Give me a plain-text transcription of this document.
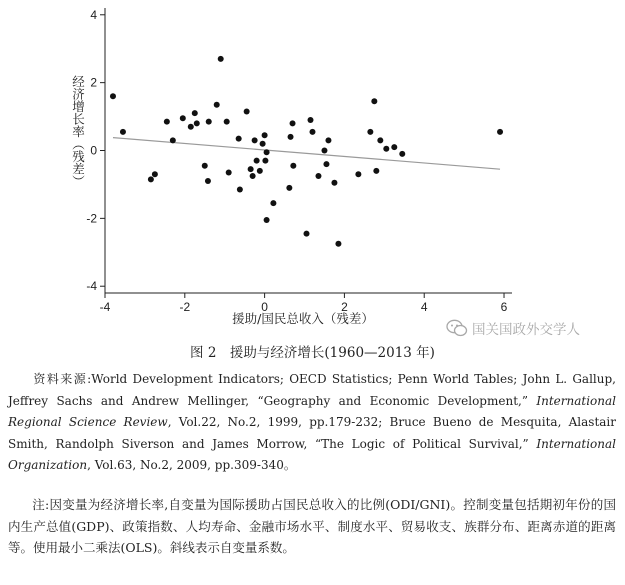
-4
-2
0
2
4
-4	-2	0	2	4	6
援助/国民总收入（残差）
经济增长率（残差）
国关国政外交学人
图 2　援助与经济增长(1960—2013 年)
资料来源:World Development Indicators; OECD Statistics; Penn World Tables; John L. Gallup, Jeffrey Sachs and Andrew Mellinger, “Geography and Economic Development,” International Regional Science Review, Vol.22, No.2, 1999, pp.179-232; Bruce Bueno de Mesquita, Alastair Smith, Randolph Siverson and James Morrow, “The Logic of Political Survival,” International Organization, Vol.63, No.2, 2009, pp.309-340。
注:因变量为经济增长率,自变量为国际援助占国民总收入的比例(ODI/GNI)。控制变量包括期初年份的国内生产总值(GDP)、政策指数、人均寿命、金融市场水平、制度水平、贸易收支、族群分布、距离赤道的距离等。使用最小二乘法(OLS)。斜线表示自变量系数。
